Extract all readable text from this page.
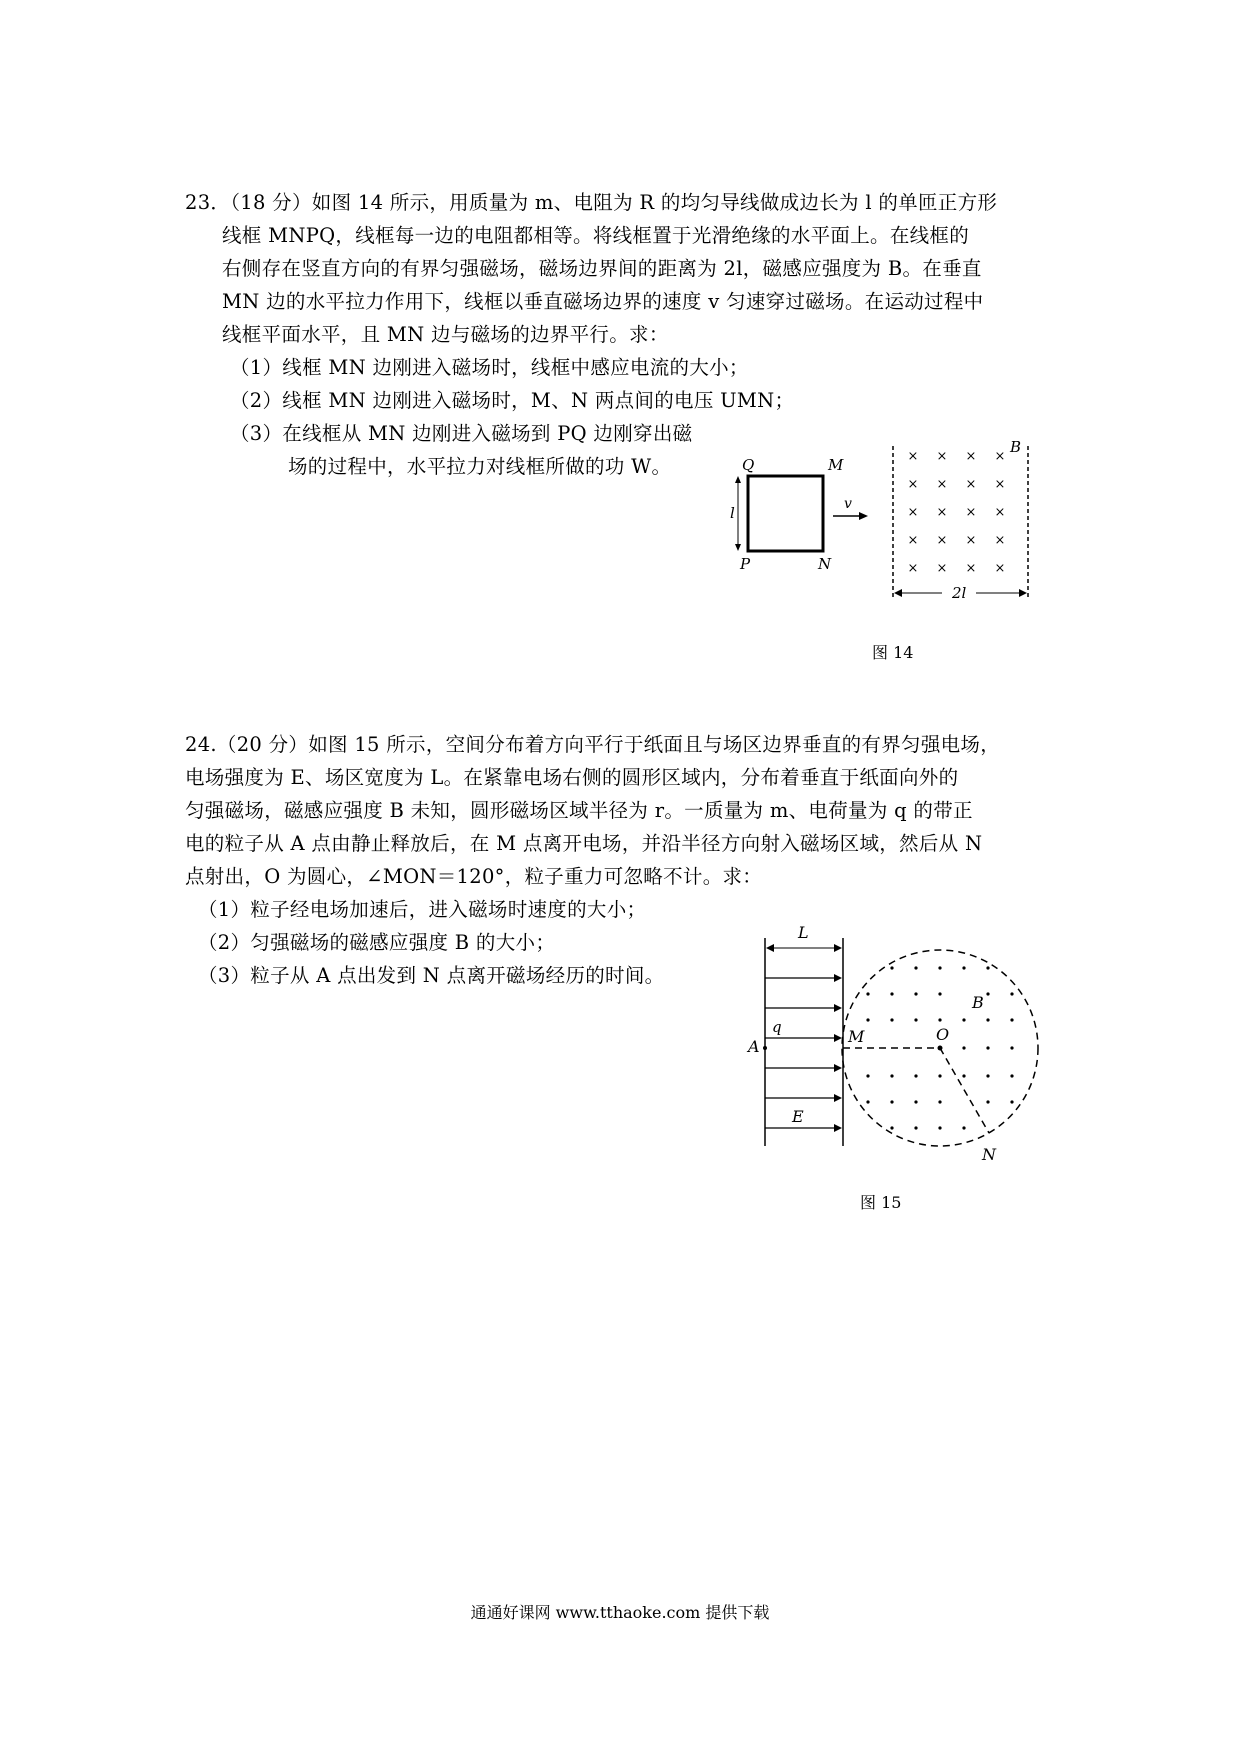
23．（18 分）如图 14 所示，用质量为 m、电阻为 R 的均匀导线做成边长为 l 的单匝正方形
线框 MNPQ，线框每一边的电阻都相等。将线框置于光滑绝缘的水平面上。在线框的
右侧存在竖直方向的有界匀强磁场，磁场边界间的距离为 2l，磁感应强度为 B。在垂直
MN 边的水平拉力作用下，线框以垂直磁场边界的速度 v 匀速穿过磁场。在运动过程中
线框平面水平，且 MN 边与磁场的边界平行。求：
（1）线框 MN 边刚进入磁场时，线框中感应电流的大小；
（2）线框 MN 边刚进入磁场时，M、N 两点间的电压 UMN；
（3）在线框从 MN 边刚进入磁场到 PQ 边刚穿出磁
场的过程中，水平拉力对线框所做的功 W。	Q	M
P	N
l	v
B
× × × ×
× × × ×
× × × ×
× × × ×
× × × ×
2l
图 14
24.（20 分）如图 15 所示，空间分布着方向平行于纸面且与场区边界垂直的有界匀强电场，
电场强度为 E、场区宽度为 L。在紧靠电场右侧的圆形区域内，分布着垂直于纸面向外的
匀强磁场，磁感应强度 B 未知，圆形磁场区域半径为 r。一质量为 m、电荷量为 q 的带正
电的粒子从 A 点由静止释放后，在 M 点离开电场，并沿半径方向射入磁场区域，然后从 N
点射出，O 为圆心，∠MON＝120°，粒子重力可忽略不计。求：
（1）粒子经电场加速后，进入磁场时速度的大小；
（2）匀强磁场的磁感应强度 B 的大小；
（3）粒子从 A 点出发到 N 点离开磁场经历的时间。
L
A
q
E
B
M	O
N
图 15
通通好课网 www.tthaoke.com 提供下载
